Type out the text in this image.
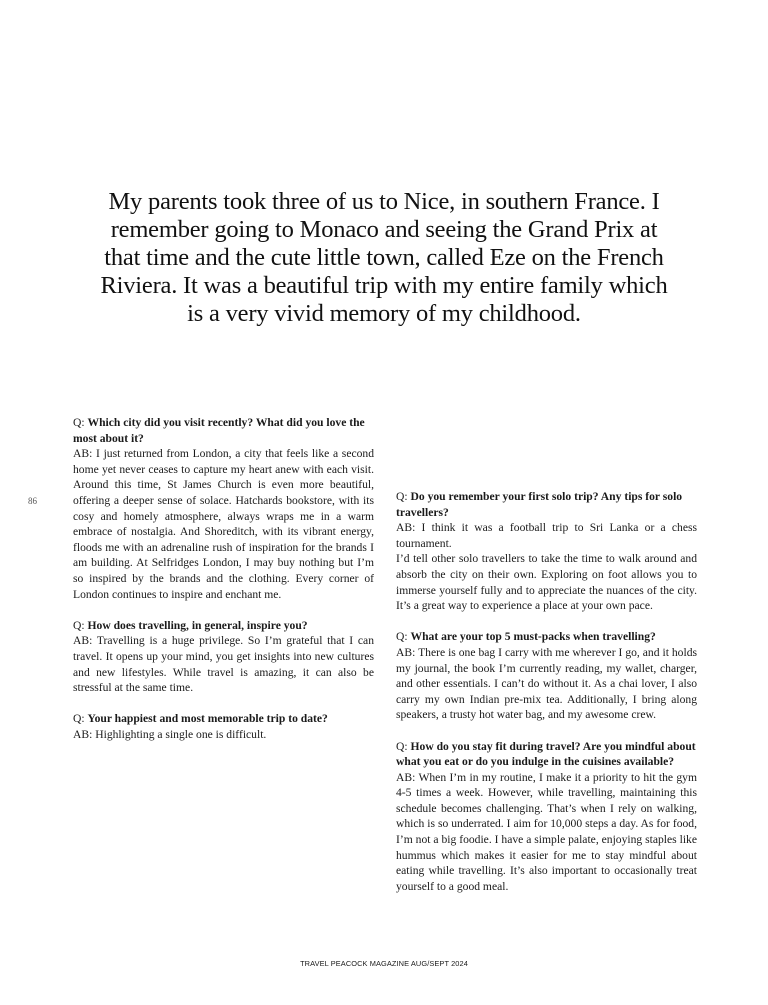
My parents took three of us to Nice, in southern France. I remember going to Monaco and seeing the Grand Prix at that time and the cute little town, called Eze on the French Riviera. It was a beautiful trip with my entire family which is a very vivid memory of my childhood.

86

Q: Which city did you visit recently? What did you love the most about it?

AB: I just returned from London, a city that feels like a second home yet never ceases to capture my heart anew with each visit. Around this time, St James Church is even more beautiful, offering a deeper sense of solace. Hatchards bookstore, with its cosy and homely atmosphere, always wraps me in a warm embrace of nostalgia. And Shoreditch, with its vibrant energy, floods me with an adrenaline rush of inspiration for the brands I am building. At Selfridges London, I may buy nothing but I’m so inspired by the brands and the clothing. Every corner of London continues to inspire and enchant me.

Q: How does travelling, in general, inspire you?

AB: Travelling is a huge privilege. So I’m grateful that I can travel. It opens up your mind, you get insights into new cultures and new lifestyles. While travel is amazing, it can also be stressful at the same time.

Q: Your happiest and most memorable trip to date?

AB: Highlighting a single one is difficult.

Q: Do you remember your first solo trip? Any tips for solo travellers?

AB: I think it was a football trip to Sri Lanka or a chess tournament.

I’d tell other solo travellers to take the time to walk around and absorb the city on their own. Exploring on foot allows you to immerse yourself fully and to appreciate the nuances of the city. It’s a great way to experience a place at your own pace.

Q: What are your top 5 must-packs when travelling?

AB: There is one bag I carry with me wherever I go, and it holds my journal, the book I’m currently reading, my wallet, charger, and other essentials. I can’t do without it. As a chai lover, I also carry my own Indian pre-mix tea. Additionally, I bring along speakers, a trusty hot water bag, and my awesome crew.

Q: How do you stay fit during travel? Are you mindful about what you eat or do you indulge in the cuisines available?

AB: When I’m in my routine, I make it a priority to hit the gym 4-5 times a week. However, while travelling, maintaining this schedule becomes challenging. That’s when I rely on walking, which is so underrated. I aim for 10,000 steps a day. As for food, I’m not a big foodie. I have a simple palate, enjoying staples like hummus which makes it easier for me to stay mindful about eating while travelling. It’s also important to occasionally treat yourself to a good meal.

TRAVEL PEACOCK MAGAZINE AUG/SEPT 2024
